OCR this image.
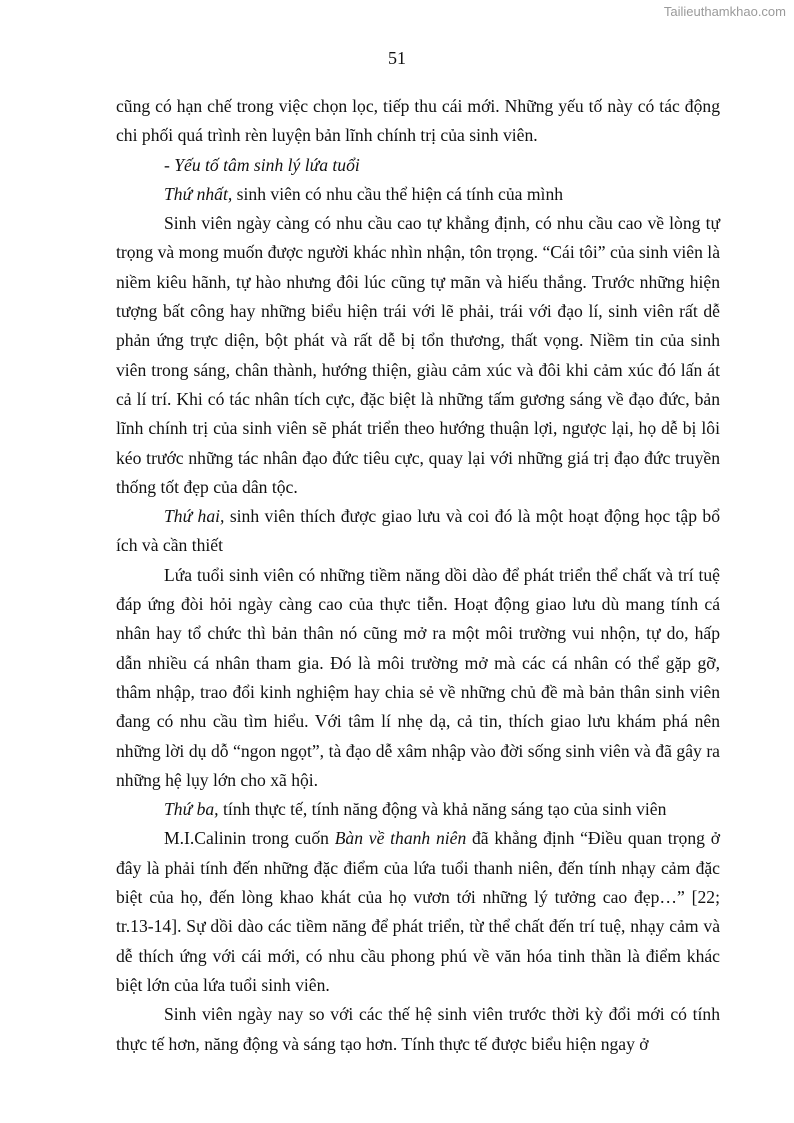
Tailieuthamkhao.com
51

cũng có hạn chế trong việc chọn lọc, tiếp thu cái mới. Những yếu tố này có tác động chi phối quá trình rèn luyện bản lĩnh chính trị của sinh viên.

- Yếu tố tâm sinh lý lứa tuổi

Thứ nhất, sinh viên có nhu cầu thể hiện cá tính của mình

Sinh viên ngày càng có nhu cầu cao tự khẳng định, có nhu cầu cao về lòng tự trọng và mong muốn được người khác nhìn nhận, tôn trọng. “Cái tôi” của sinh viên là niềm kiêu hãnh, tự hào nhưng đôi lúc cũng tự mãn và hiếu thắng. Trước những hiện tượng bất công hay những biểu hiện trái với lẽ phải, trái với đạo lí, sinh viên rất dễ phản ứng trực diện, bột phát và rất dễ bị tổn thương, thất vọng. Niềm tin của sinh viên trong sáng, chân thành, hướng thiện, giàu cảm xúc và đôi khi cảm xúc đó lấn át cả lí trí. Khi có tác nhân tích cực, đặc biệt là những tấm gương sáng về đạo đức, bản lĩnh chính trị của sinh viên sẽ phát triển theo hướng thuận lợi, ngược lại, họ dễ bị lôi kéo trước những tác nhân đạo đức tiêu cực, quay lại với những giá trị đạo đức truyền thống tốt đẹp của dân tộc.

Thứ hai, sinh viên thích được giao lưu và coi đó là một hoạt động học tập bổ ích và cần thiết

Lứa tuổi sinh viên có những tiềm năng dồi dào để phát triển thể chất và trí tuệ đáp ứng đòi hỏi ngày càng cao của thực tiễn. Hoạt động giao lưu dù mang tính cá nhân hay tổ chức thì bản thân nó cũng mở ra một môi trường vui nhộn, tự do, hấp dẫn nhiều cá nhân tham gia. Đó là môi trường mở mà các cá nhân có thể gặp gỡ, thâm nhập, trao đổi kinh nghiệm hay chia sẻ về những chủ đề mà bản thân sinh viên đang có nhu cầu tìm hiểu. Với tâm lí nhẹ dạ, cả tin, thích giao lưu khám phá nên những lời dụ dỗ “ngon ngọt”, tà đạo dễ xâm nhập vào đời sống sinh viên và đã gây ra những hệ lụy lớn cho xã hội.

Thứ ba, tính thực tế, tính năng động và khả năng sáng tạo của sinh viên

M.I.Calinin trong cuốn Bàn về thanh niên đã khẳng định “Điều quan trọng ở đây là phải tính đến những đặc điểm của lứa tuổi thanh niên, đến tính nhạy cảm đặc biệt của họ, đến lòng khao khát của họ vươn tới những lý tưởng cao đẹp…” [22; tr.13-14]. Sự dồi dào các tiềm năng để phát triển, từ thể chất đến trí tuệ, nhạy cảm và dễ thích ứng với cái mới, có nhu cầu phong phú về văn hóa tinh thần là điểm khác biệt lớn của lứa tuổi sinh viên.

Sinh viên ngày nay so với các thế hệ sinh viên trước thời kỳ đổi mới có tính thực tế hơn, năng động và sáng tạo hơn. Tính thực tế được biểu hiện ngay ở
